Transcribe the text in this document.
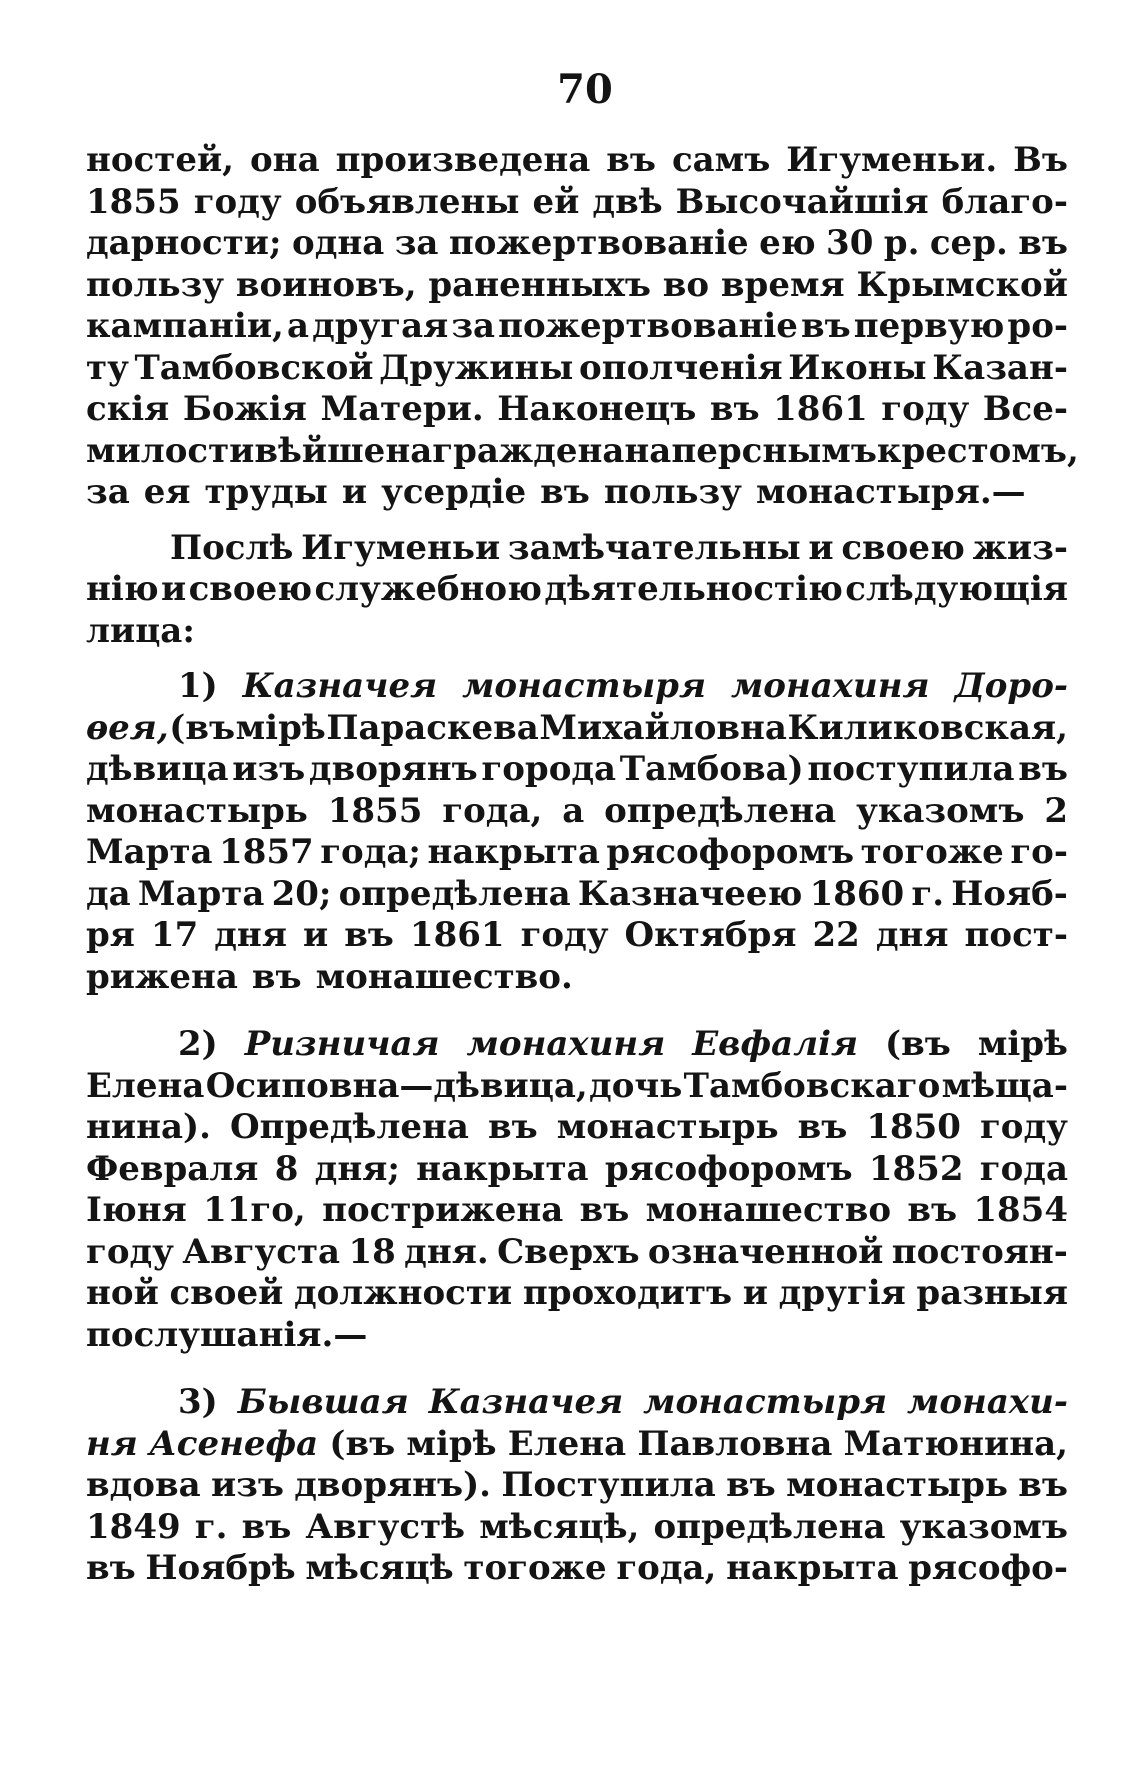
70
ностей, она произведена въ самъ Игуменьи. Въ
1855 году объявлены ей двѣ Высочайшiя благо-
дарности; одна за пожертвованiе ею 30 р. сер. въ
пользу воиновъ, раненныхъ во время Крымской
кампанiи, а другая за пожертвованiе въ первую ро-
ту Тамбовской Дружины ополченiя Иконы Казан-
скiя Божiя Матери. Наконецъ въ 1861 году Все-
милостивѣйше награждена наперснымъ крестомъ,
за ея труды и усердiе въ пользу монастыря.—
Послѣ Игуменьи замѣчательны и своею жиз-
нiю и своею служебною дѣятельностiю слѣдующiя
лица:
1) Казначея монастыря монахиня Доро-
ѳея, (въ мiрѣ Параскева Михайловна Киликовская,
дѣвица изъ дворянъ города Тамбова) поступила въ
монастырь 1855 года, а опредѣлена указомъ 2
Марта 1857 года; накрыта рясофоромъ тогоже го-
да Марта 20; опредѣлена Казначеею 1860 г. Нояб-
ря 17 дня и въ 1861 году Октября 22 дня пост-
рижена въ монашество.
2) Ризничая монахиня Евфалiя (въ мiрѣ
Елена Осиповна—дѣвица, дочь Тамбовскаго мѣща-
нина). Опредѣлена въ монастырь въ 1850 году
Февраля 8 дня; накрыта рясофоромъ 1852 года
Iюня 11го, пострижена въ монашество въ 1854
году Августа 18 дня. Сверхъ означенной постоян-
ной своей должности проходитъ и другiя разныя
послушанiя.—
3) Бывшая Казначея монастыря монахи-
ня Асенефа (въ мiрѣ Елена Павловна Матюнина,
вдова изъ дворянъ). Поступила въ монастырь въ
1849 г. въ Августѣ мѣсяцѣ, опредѣлена указомъ
въ Ноябрѣ мѣсяцѣ тогоже года, накрыта рясофо-
